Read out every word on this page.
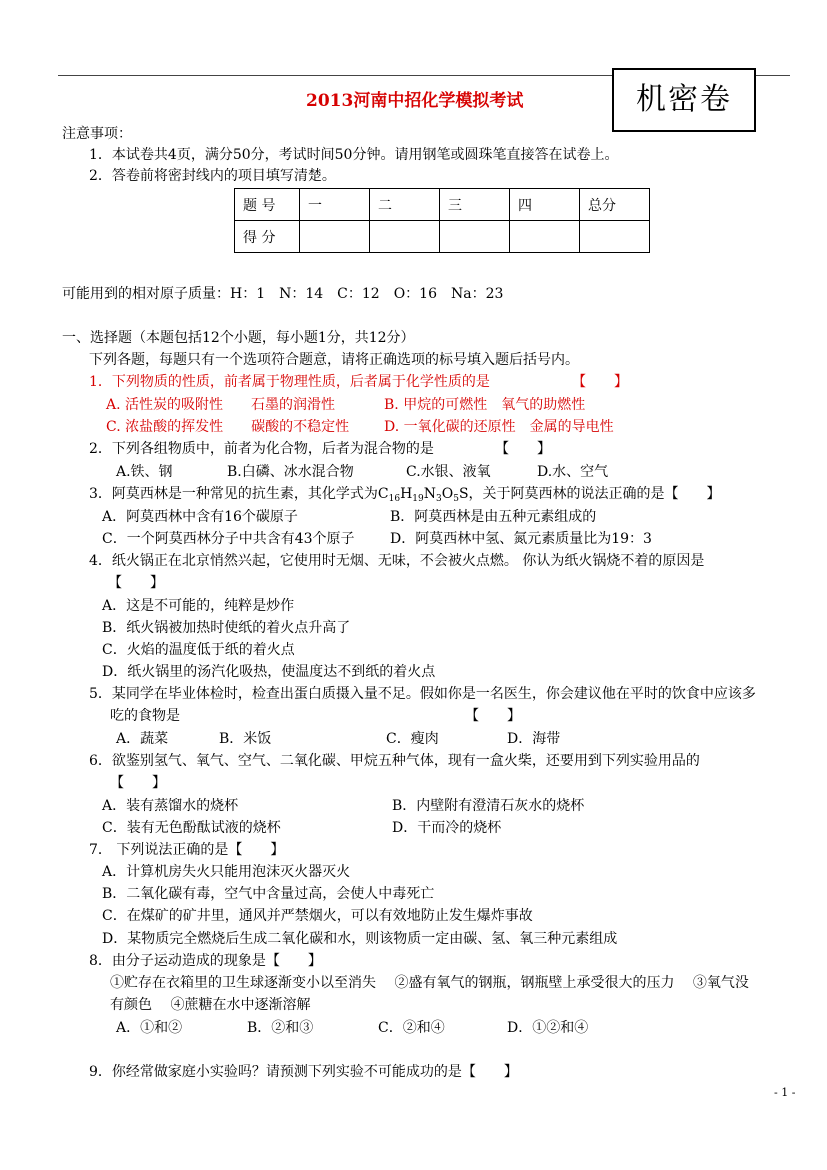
机密卷
2013河南中招化学模拟考试
注意事项：
1．本试卷共4页，满分50分，考试时间50分钟。请用钢笔或圆珠笔直接答在试卷上。
2．答卷前将密封线内的项目填写清楚。
题 号	一	二	三	四	总分
得 分					
可能用到的相对原子质量：H：1　N：14　C：12　O：16　Na：23
一、选择题（本题包括12个小题，每小题1分，共12分）
下列各题，每题只有一个选项符合题意，请将正确选项的标号填入题后括号内。
1．下列物质的性质，前者属于物理性质，后者属于化学性质的是	【　　】
A. 活性炭的吸附性　　石墨的润滑性	B. 甲烷的可燃性　氧气的助燃性
C. 浓盐酸的挥发性　　碳酸的不稳定性 D. 一氧化碳的还原性　金属的导电性
2．下列各组物质中，前者为化合物，后者为混合物的是	【　　】
A.铁、钢	B.白磷、冰水混合物	C.水银、液氧	D.水、空气
3．阿莫西林是一种常见的抗生素，其化学式为$C_{16}H_{19}N_3O_5S$，关于阿莫西林的说法正确的是【　　】
A．阿莫西林中含有16个碳原子	B．阿莫西林是由五种元素组成的
C．一个阿莫西林分子中共含有43个原子	D．阿莫西林中氢、氮元素质量比为19：3
4．纸火锅正在北京悄然兴起，它使用时无烟、无味，不会被火点燃。 你认为纸火锅烧不着的原因是
【　　】
A．这是不可能的，纯粹是炒作
B．纸火锅被加热时使纸的着火点升高了
C．火焰的温度低于纸的着火点
D．纸火锅里的汤汽化吸热，使温度达不到纸的着火点
5．某同学在毕业体检时，检查出蛋白质摄入量不足。假如你是一名医生，你会建议他在平时的饮食中应该多
吃的食物是	【　　】
A．蔬菜	B．米饭	C．瘦肉	D．海带
6．欲鉴别氢气、氧气、空气、二氧化碳、甲烷五种气体，现有一盒火柴，还要用到下列实验用品的
【　　】
A．装有蒸馏水的烧杯	B．内壁附有澄清石灰水的烧杯
C．装有无色酚酞试液的烧杯	D．干而冷的烧杯
7． 下列说法正确的是【　　】
A．计算机房失火只能用泡沫灭火器灭火
B．二氧化碳有毒，空气中含量过高，会使人中毒死亡
C．在煤矿的矿井里，通风并严禁烟火，可以有效地防止发生爆炸事故
D．某物质完全燃烧后生成二氧化碳和水，则该物质一定由碳、氢、氧三种元素组成
8．由分子运动造成的现象是【　　】
①贮存在衣箱里的卫生球逐渐变小以至消失　 ②盛有氧气的钢瓶，钢瓶壁上承受很大的压力　 ③氧气没
有颜色　 ④蔗糖在水中逐渐溶解
A．①和②	B．②和③	C．②和④	D．①②和④
9．你经常做家庭小实验吗？请预测下列实验不可能成功的是【　　】
- 1 -
